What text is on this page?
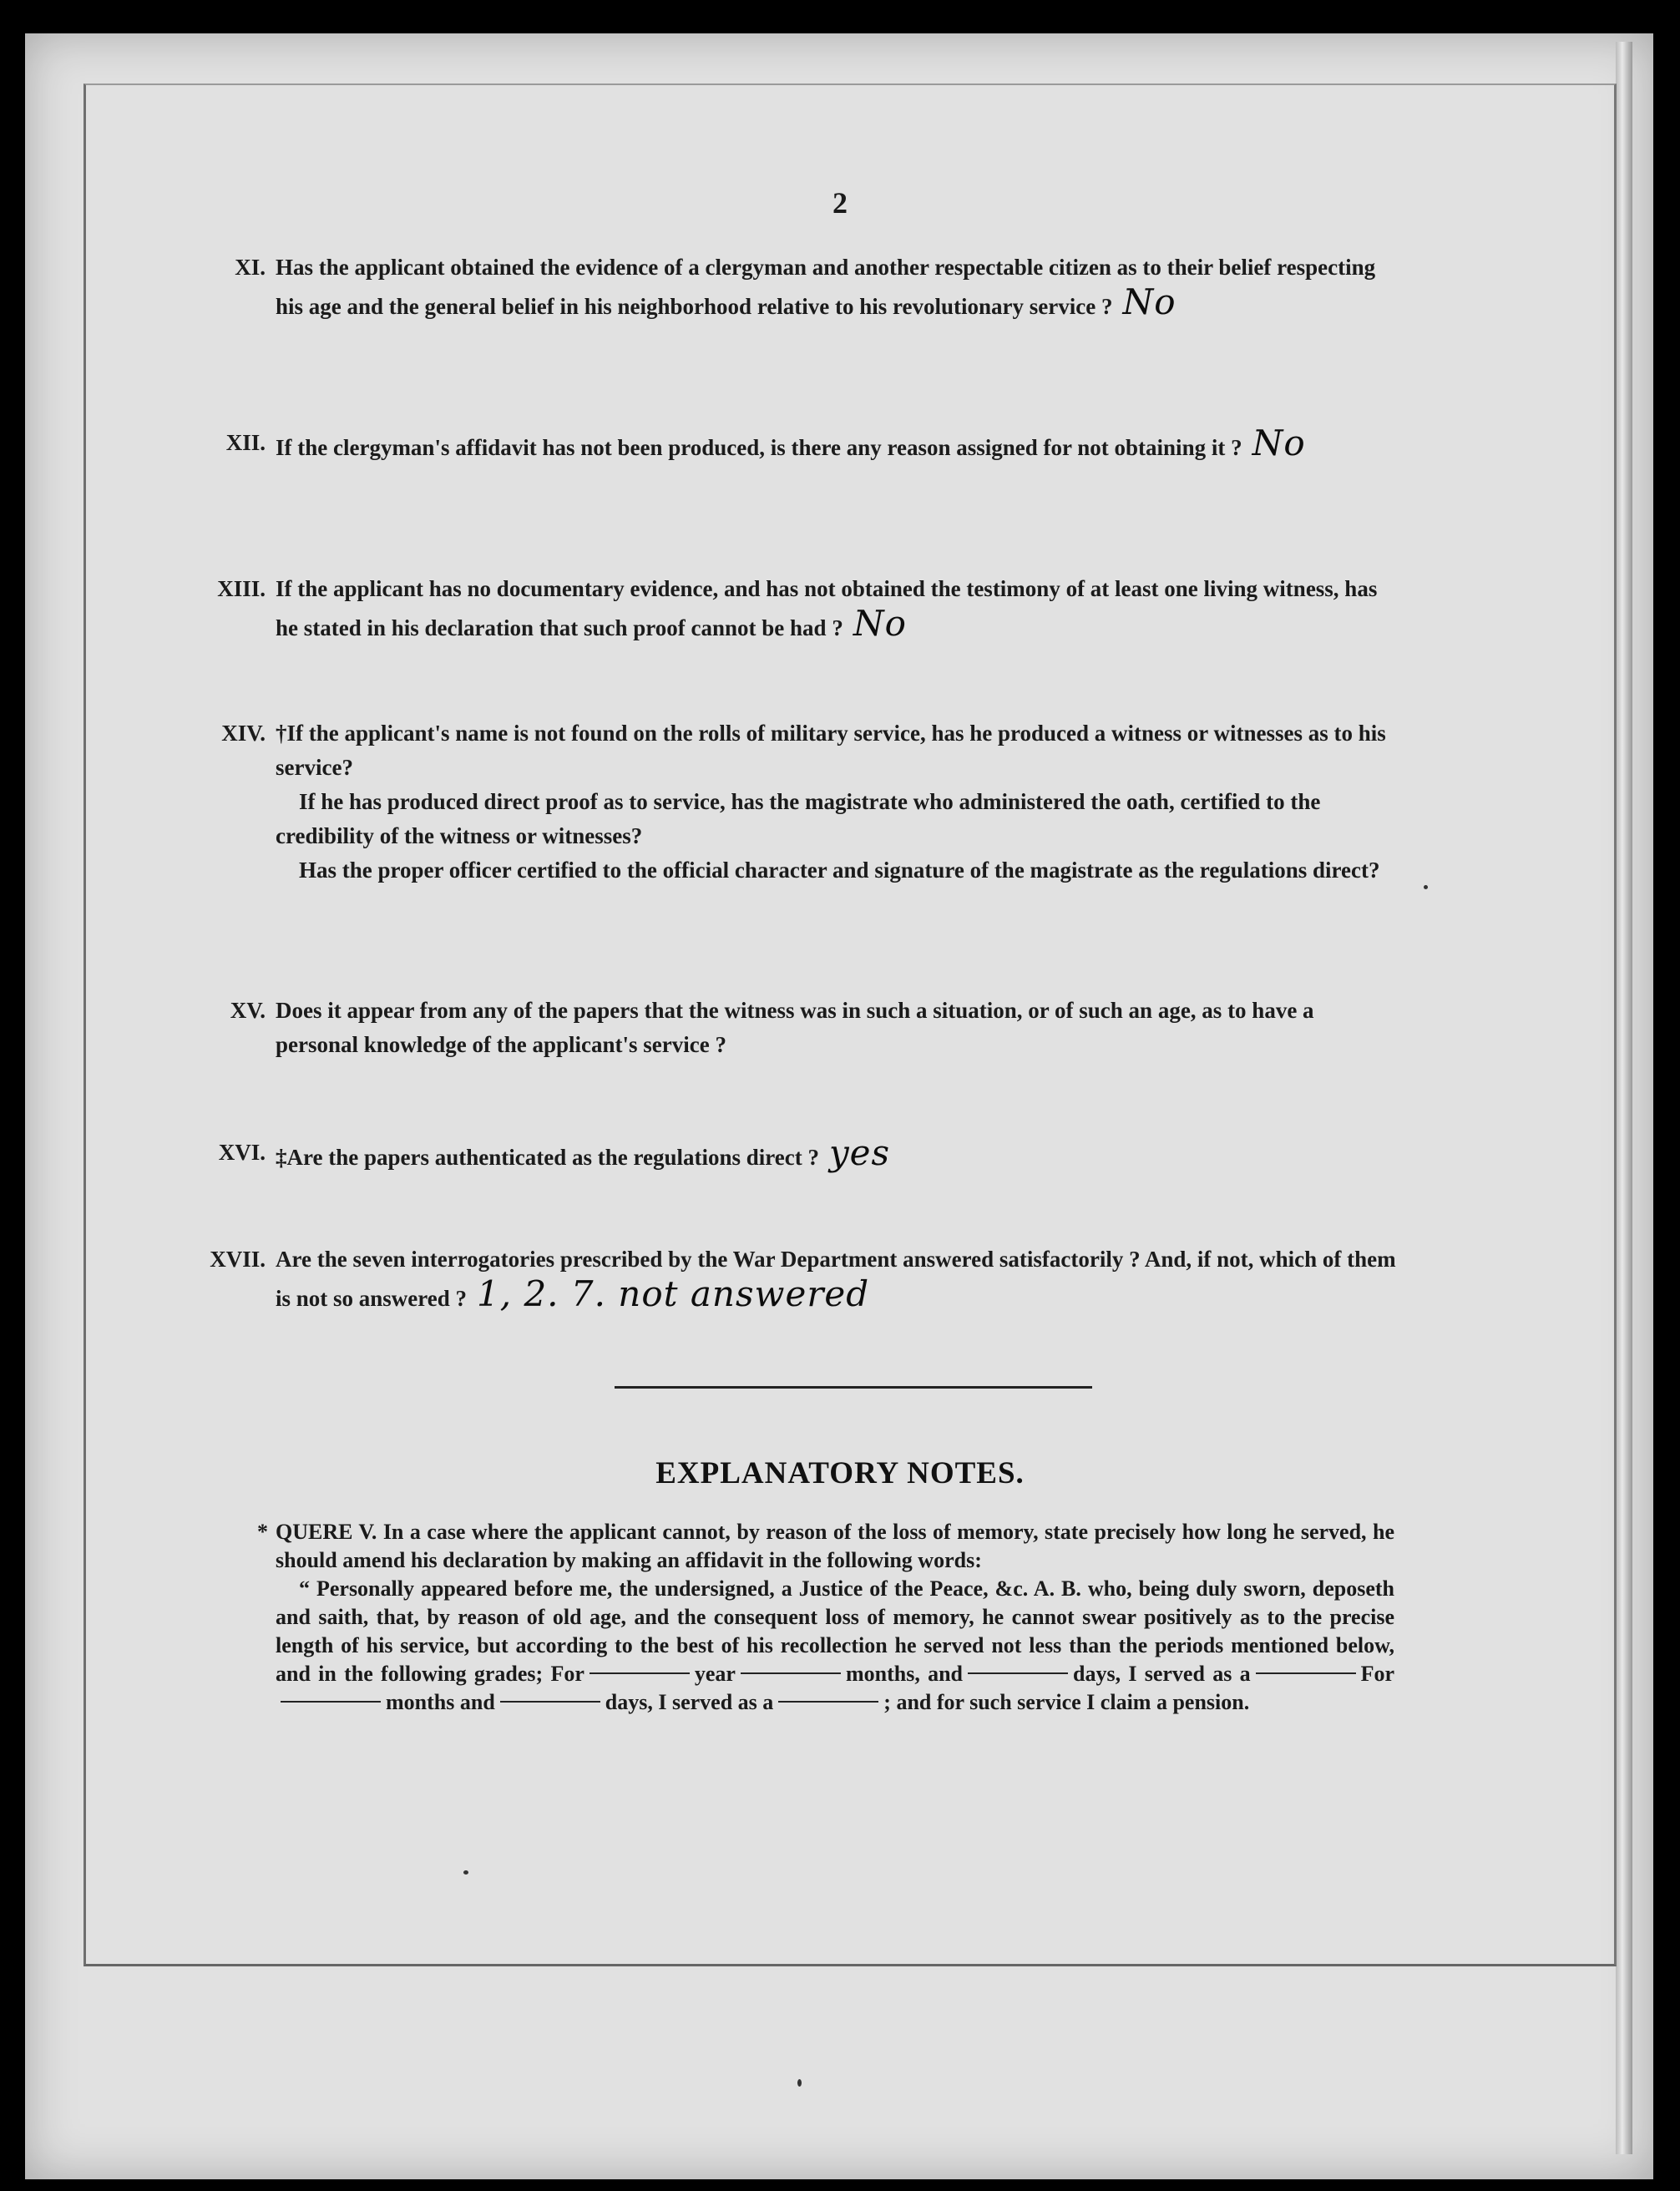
2
XI. Has the applicant obtained the evidence of a clergyman and another respectable citizen as to their belief respecting his age and the general belief in his neighborhood relative to his revolutionary service ? No

XII. If the clergyman's affidavit has not been produced, is there any reason assigned for not obtaining it ? No

XIII. If the applicant has no documentary evidence, and has not obtained the testimony of at least one living witness, has he stated in his declaration that such proof cannot be had ? No

XIV. †If the applicant's name is not found on the rolls of military service, has he produced a witness or witnesses as to his service?

If he has produced direct proof as to service, has the magistrate who administered the oath, certified to the credibility of the witness or witnesses?

Has the proper officer certified to the official character and signature of the magistrate as the regulations direct?

XV. Does it appear from any of the papers that the witness was in such a situation, or of such an age, as to have a personal knowledge of the applicant's service ?

XVI. ‡Are the papers authenticated as the regulations direct ? yes

XVII. Are the seven interrogatories prescribed by the War Department answered satisfactorily ? And, if not, which of them is not so answered ? 1, 2. 7. not answered

EXPLANATORY NOTES.
* QUERE V. In a case where the applicant cannot, by reason of the loss of memory, state precisely how long he served, he should amend his declaration by making an affidavit in the following words:

“ Personally appeared before me, the undersigned, a Justice of the Peace, &c. A. B. who, being duly sworn, deposeth and saith, that, by reason of old age, and the consequent loss of memory, he cannot swear positively as to the precise length of his service, but according to the best of his recollection he served not less than the periods mentioned below, and in the following grades; For	year	months, and	days, I served as a	Formonths and	days, I served as a	; and for such service I claim a pension.
